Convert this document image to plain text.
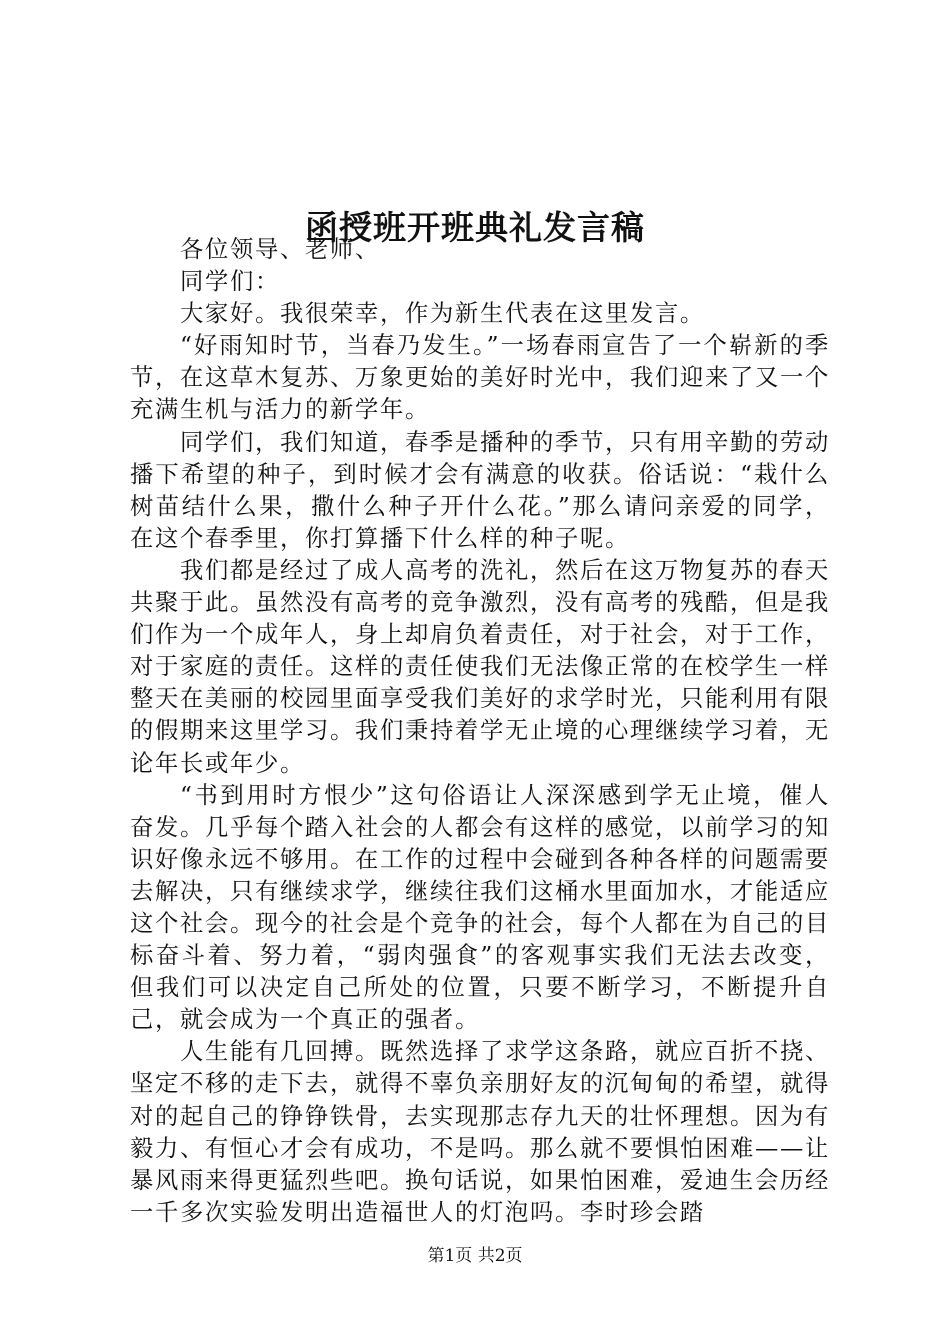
函授班开班典礼发言稿

各位领导、老师、

同学们：

大家好。我很荣幸，作为新生代表在这里发言。

“好雨知时节，当春乃发生。”一场春雨宣告了一个崭新的季节，在这草木复苏、万象更始的美好时光中，我们迎来了又一个充满生机与活力的新学年。

同学们，我们知道，春季是播种的季节，只有用辛勤的劳动播下希望的种子，到时候才会有满意的收获。俗话说：“栽什么树苗结什么果，撒什么种子开什么花。”那么请问亲爱的同学，在这个春季里，你打算播下什么样的种子呢。

我们都是经过了成人高考的洗礼，然后在这万物复苏的春天共聚于此。虽然没有高考的竞争激烈，没有高考的残酷，但是我们作为一个成年人，身上却肩负着责任，对于社会，对于工作，对于家庭的责任。这样的责任使我们无法像正常的在校学生一样整天在美丽的校园里面享受我们美好的求学时光，只能利用有限的假期来这里学习。我们秉持着学无止境的心理继续学习着，无论年长或年少。

“书到用时方恨少”这句俗语让人深深感到学无止境，催人奋发。几乎每个踏入社会的人都会有这样的感觉，以前学习的知识好像永远不够用。在工作的过程中会碰到各种各样的问题需要去解决，只有继续求学，继续往我们这桶水里面加水，才能适应这个社会。现今的社会是个竞争的社会，每个人都在为自己的目标奋斗着、努力着，“弱肉强食”的客观事实我们无法去改变，但我们可以决定自己所处的位置，只要不断学习，不断提升自己，就会成为一个真正的强者。

人生能有几回搏。既然选择了求学这条路，就应百折不挠、坚定不移的走下去，就得不辜负亲朋好友的沉甸甸的希望，就得对的起自己的铮铮铁骨，去实现那志存九天的壮怀理想。因为有毅力、有恒心才会有成功，不是吗。那么就不要惧怕困难——让暴风雨来得更猛烈些吧。换句话说，如果怕困难，爱迪生会历经一千多次实验发明出造福世人的灯泡吗。李时珍会踏

第1页 共2页
